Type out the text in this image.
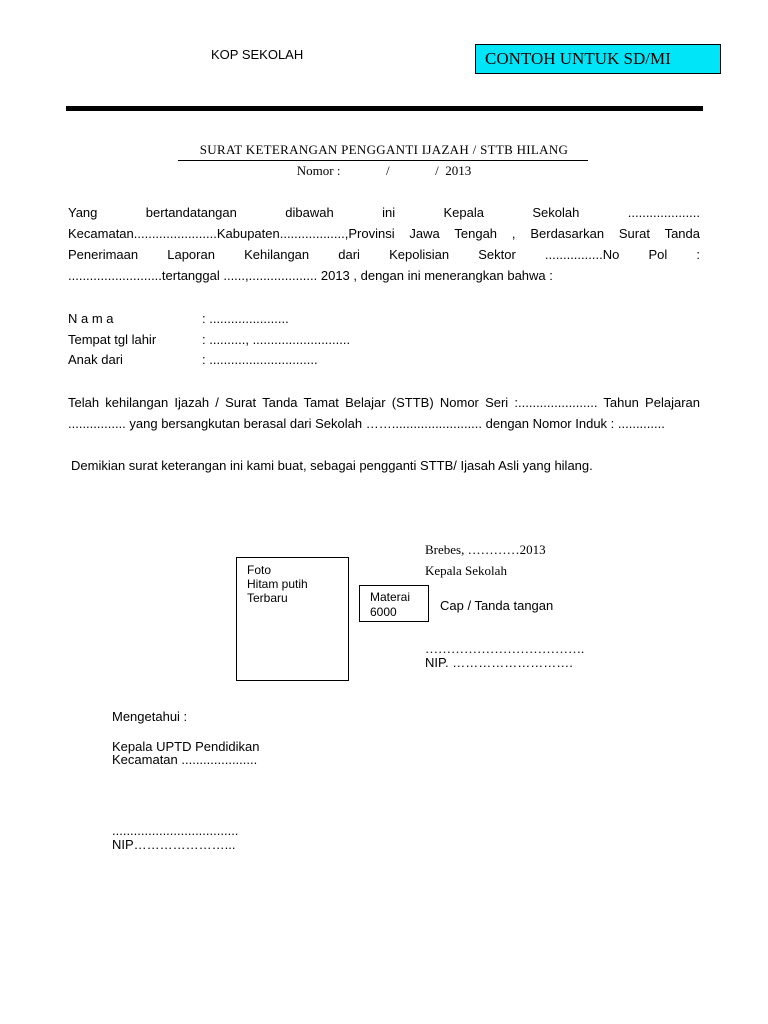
KOP SEKOLAH	CONTOH UNTUK SD/MI
SURAT KETERANGAN PENGGANTI IJAZAH / STTB HILANG
Nomor :              /              /  2013
Yang bertandatangan dibawah ini Kepala Sekolah ....................
Kecamatan.......................Kabupaten..................,Provinsi Jawa Tengah , Berdasarkan Surat Tanda
Penerimaan Laporan Kehilangan dari Kepolisian Sektor ................No Pol :
..........................tertanggal ......,................... 2013 , dengan ini menerangkan bahwa :
N a m a	: ......................
Tempat tgl lahir	: .........., ...........................
Anak dari	: ..............................
Telah kehilangan Ijazah / Surat Tanda Tamat Belajar (STTB) Nomor Seri :...................... Tahun Pelajaran
................ yang bersangkutan berasal dari Sekolah ……......................... dengan Nomor Induk : .............
Demikian surat keterangan ini kami buat, sebagai pengganti STTB/ Ijasah Asli yang hilang.
Foto
Hitam putih
Terbaru	Materai
6000
Brebes, …………2013
Kepala Sekolah
Cap / Tanda tangan
……………………………….
NIP. ……………………….
Mengetahui :
Kepala UPTD Pendidikan
Kecamatan .....................
...................................
NIP…………………...
